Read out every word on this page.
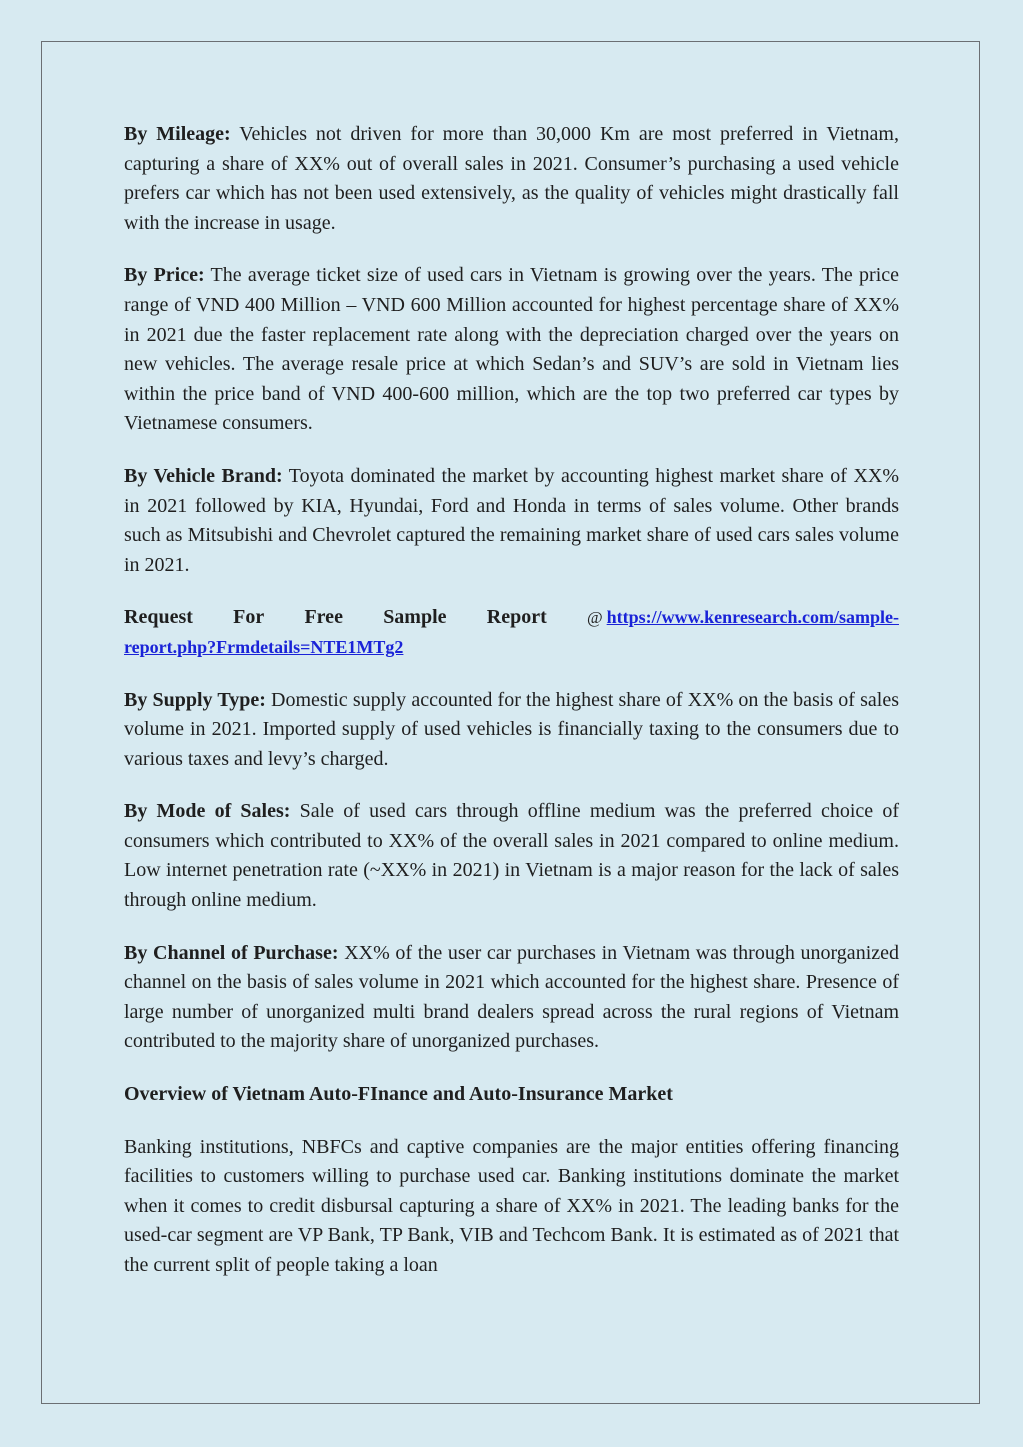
By Mileage: Vehicles not driven for more than 30,000 Km are most preferred in Vietnam, capturing a share of XX% out of overall sales in 2021. Consumer’s purchasing a used vehicle prefers car which has not been used extensively, as the quality of vehicles might drastically fall with the increase in usage.

By Price: The average ticket size of used cars in Vietnam is growing over the years. The price range of VND 400 Million – VND 600 Million accounted for highest percentage share of XX% in 2021 due the faster replacement rate along with the depreciation charged over the years on new vehicles. The average resale price at which Sedan’s and SUV’s are sold in Vietnam lies within the price band of VND 400-600 million, which are the top two preferred car types by Vietnamese consumers.

By Vehicle Brand: Toyota dominated the market by accounting highest market share of XX% in 2021 followed by KIA, Hyundai, Ford and Honda in terms of sales volume. Other brands such as Mitsubishi and Chevrolet captured the remaining market share of used cars sales volume in 2021.

Request For Free Sample Report @ https://www.kenresearch.com/sample-
report.php?Frmdetails=NTE1MTg2

By Supply Type: Domestic supply accounted for the highest share of XX% on the basis of sales volume in 2021. Imported supply of used vehicles is financially taxing to the consumers due to various taxes and levy’s charged.

By Mode of Sales: Sale of used cars through offline medium was the preferred choice of consumers which contributed to XX% of the overall sales in 2021 compared to online medium. Low internet penetration rate (~XX% in 2021) in Vietnam is a major reason for the lack of sales through online medium.

By Channel of Purchase: XX% of the user car purchases in Vietnam was through unorganized channel on the basis of sales volume in 2021 which accounted for the highest share. Presence of large number of unorganized multi brand dealers spread across the rural regions of Vietnam contributed to the majority share of unorganized purchases.

Overview of Vietnam Auto-FInance and Auto-Insurance Market

Banking institutions, NBFCs and captive companies are the major entities offering financing facilities to customers willing to purchase used car. Banking institutions dominate the market when it comes to credit disbursal capturing a share of XX% in 2021. The leading banks for the used-car segment are VP Bank, TP Bank, VIB and Techcom Bank. It is estimated as of 2021 that the current split of people taking a loan
